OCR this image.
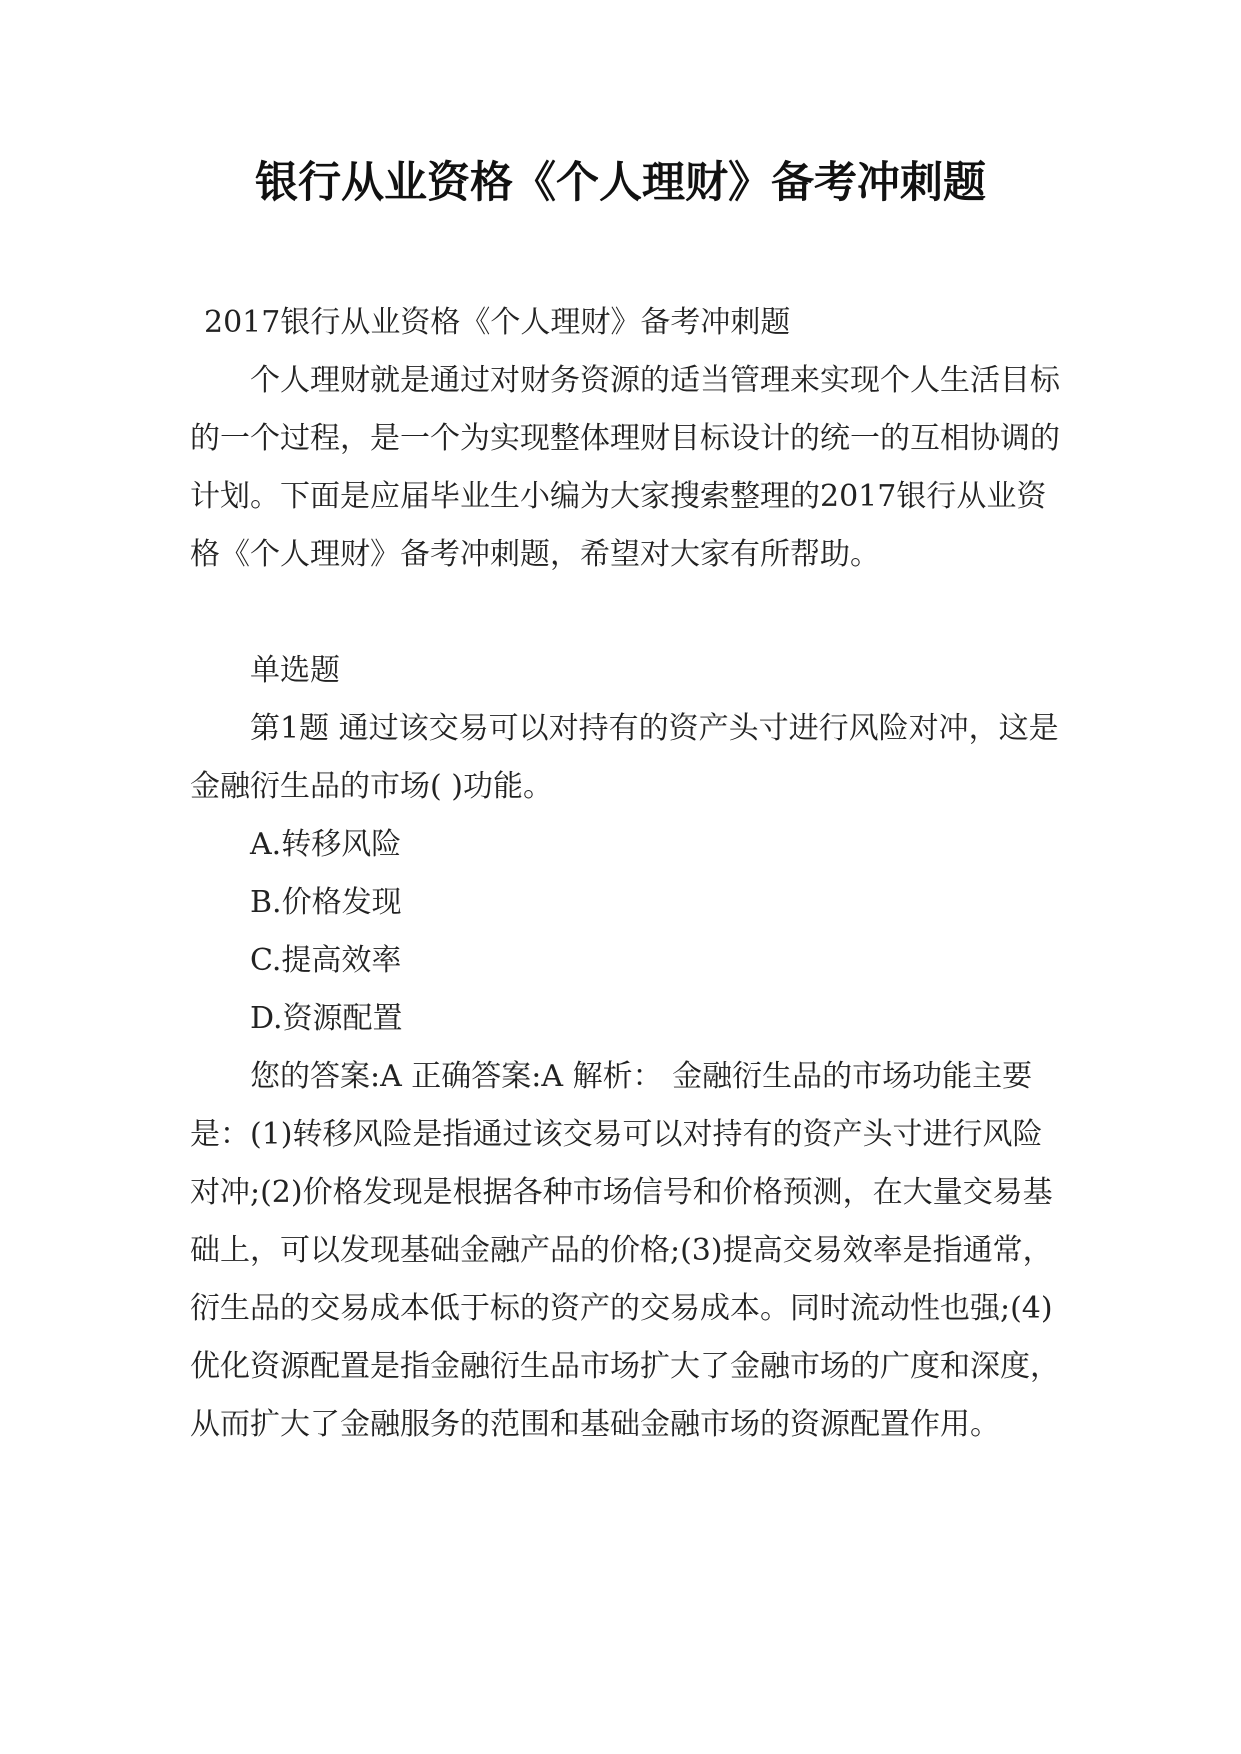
银行从业资格《个人理财》备考冲刺题

2017银行从业资格《个人理财》备考冲刺题

个人理财就是通过对财务资源的适当管理来实现个人生活目标的一个过程，是一个为实现整体理财目标设计的统一的互相协调的计划。下面是应届毕业生小编为大家搜索整理的2017银行从业资格《个人理财》备考冲刺题，希望对大家有所帮助。

单选题

第1题 通过该交易可以对持有的资产头寸进行风险对冲，这是金融衍生品的市场( )功能。

A.转移风险

B.价格发现

C.提高效率

D.资源配置

您的答案:A 正确答案:A 解析： 金融衍生品的市场功能主要是：(1)转移风险是指通过该交易可以对持有的资产头寸进行风险对冲;(2)价格发现是根据各种市场信号和价格预测，在大量交易基础上，可以发现基础金融产品的价格;(3)提高交易效率是指通常，衍生品的交易成本低于标的资产的交易成本。同时流动性也强;(4)优化资源配置是指金融衍生品市场扩大了金融市场的广度和深度，从而扩大了金融服务的范围和基础金融市场的资源配置作用。
